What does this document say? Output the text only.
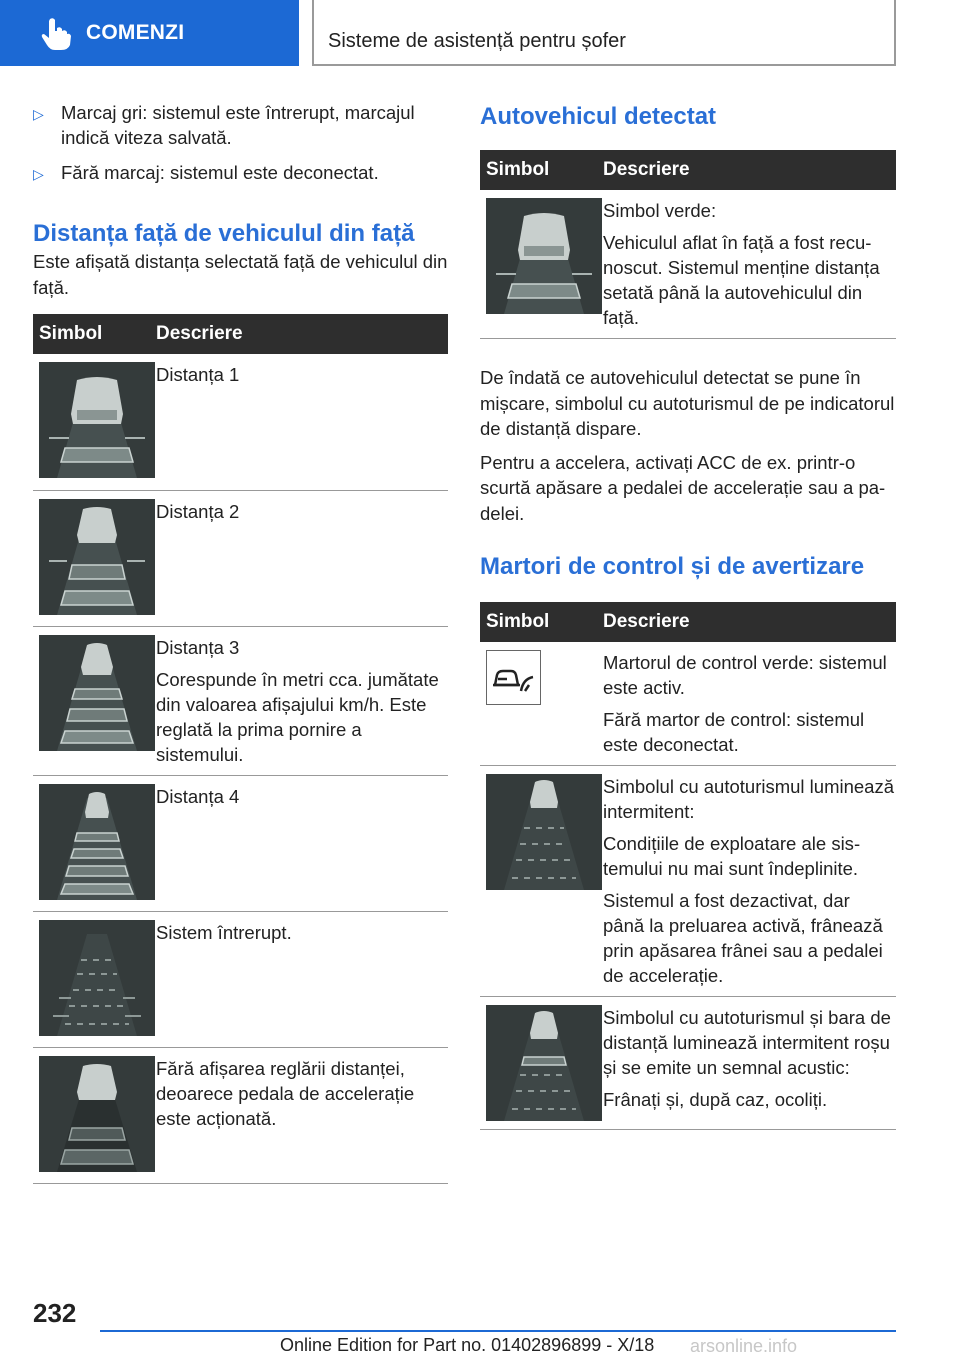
COMENZI	Sisteme de asistență pentru șofer
▷ Marcaj gri: sistemul este întrerupt, marcajul indică viteza salvată.
▷ Fără marcaj: sistemul este deconectat.
Distanța față de vehiculul din față

Este afișată distanța selectată față de vehiculul din față.

Simbol	Descriere

Distanța 1

Distanța 2

Distanța 3

Corespunde în metri cca. jumătate din valoarea afișajului km/h. Este reglată la prima pornire a sistemului.

Distanța 4

Sistem întrerupt.

Fără afișarea reglării distanței, deoarece pedala de accelerație este acționată.

Autovehicul detectat
Simbol	Descriere

Simbol verde:

Vehiculul aflat în față a fost recunoscut. Sistemul menține distanța setată până la autovehiculul din față.

De îndată ce autovehiculul detectat se pune în mișcare, simbolul cu autoturismul de pe indicatorul de distanță dispare.

Pentru a accelera, activați ACC de ex. printr-o scurtă apăsare a pedalei de accelerație sau a padelei.

Martori de control și de avertizare
Simbol	Descriere

Martorul de control verde: sistemul este activ.

Fără martor de control: sistemul este deconectat.

Simbolul cu autoturismul luminează intermitent:

Condițiile de exploatare ale sistemului nu mai sunt îndeplinite.

Sistemul a fost dezactivat, dar până la preluarea activă, frânează prin apăsarea frânei sau a pedalei de accelerație.

Simbolul cu autoturismul și bara de distanță luminează intermitent roșu și se emite un semnal acustic:

Frânați și, după caz, ocoliți.

232
Online Edition for Part no. 01402896899 - X/18 arsonline.info
